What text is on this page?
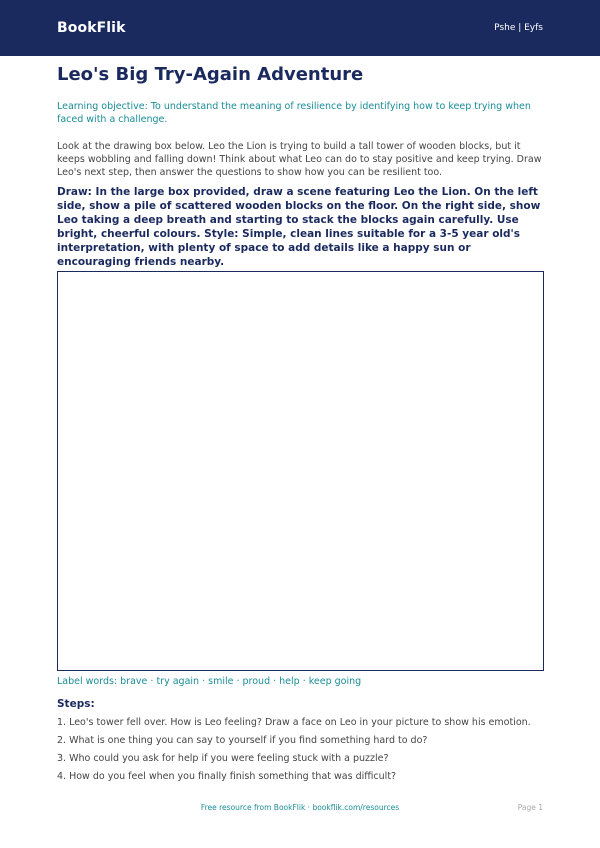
BookFlik	Pshe | Eyfs
Leo's Big Try-Again Adventure

Learning objective: To understand the meaning of resilience by identifying how to keep trying when faced with a challenge.

Look at the drawing box below. Leo the Lion is trying to build a tall tower of wooden blocks, but it keeps wobbling and falling down! Think about what Leo can do to stay positive and keep trying. Draw Leo's next step, then answer the questions to show how you can be resilient too.

Draw: In the large box provided, draw a scene featuring Leo the Lion. On the left side, show a pile of scattered wooden blocks on the floor. On the right side, show Leo taking a deep breath and starting to stack the blocks again carefully. Use bright, cheerful colours. Style: Simple, clean lines suitable for a 3-5 year old's interpretation, with plenty of space to add details like a happy sun or encouraging friends nearby.

Label words: brave · try again · smile · proud · help · keep going

Steps:
1. Leo's tower fell over. How is Leo feeling? Draw a face on Leo in your picture to show his emotion.
2. What is one thing you can say to yourself if you find something hard to do?
3. Who could you ask for help if you were feeling stuck with a puzzle?
4. How do you feel when you finally finish something that was difficult?
Free resource from BookFlik · bookflik.com/resources	Page 1
